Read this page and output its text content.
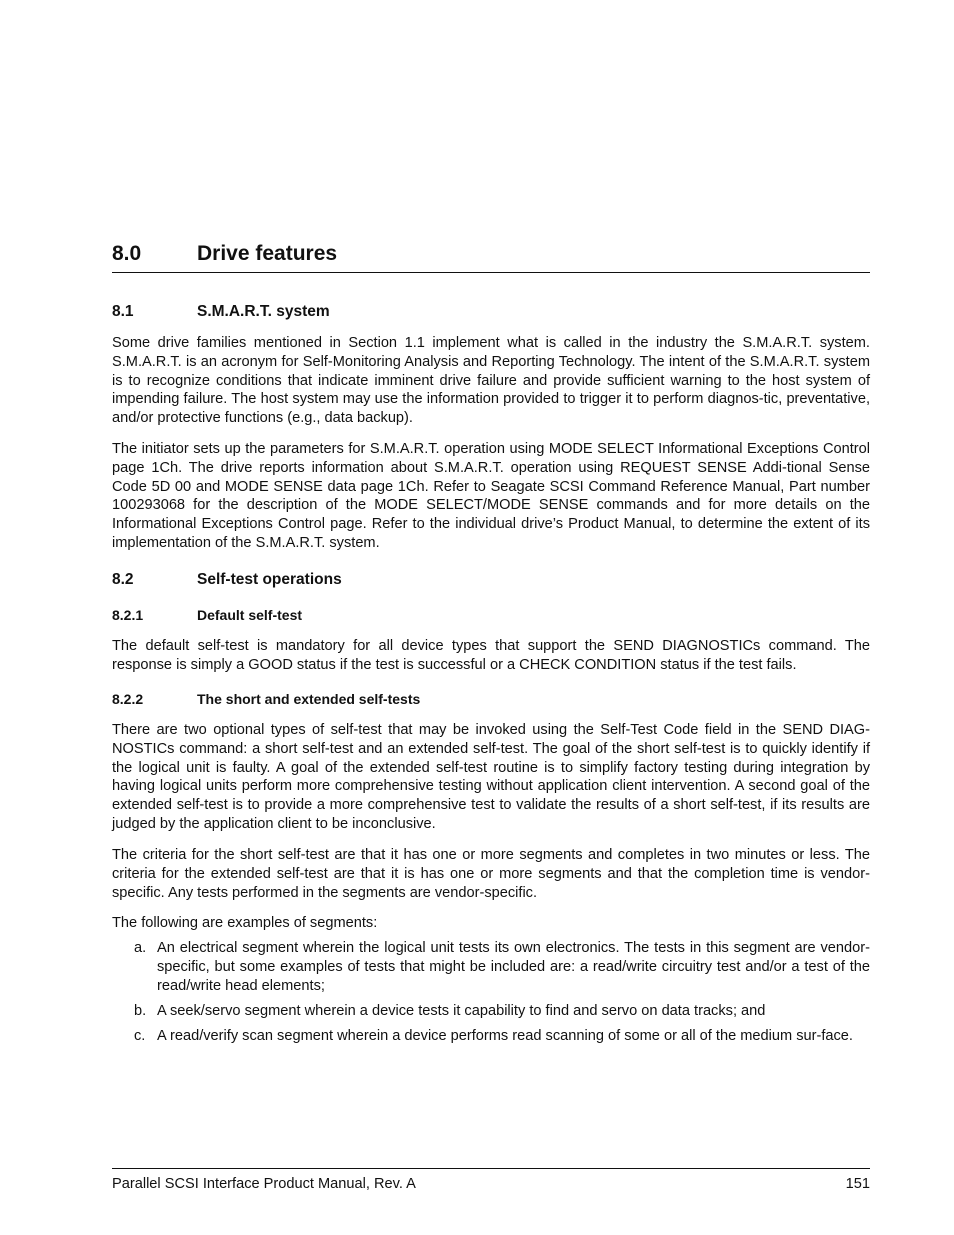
8.0	Drive features
8.1	S.M.A.R.T. system

Some drive families mentioned in Section 1.1 implement what is called in the industry the S.M.A.R.T. system. S.M.A.R.T. is an acronym for Self-Monitoring Analysis and Reporting Technology. The intent of the S.M.A.R.T. system is to recognize conditions that indicate imminent drive failure and provide sufficient warning to the host system of impending failure. The host system may use the information provided to trigger it to perform diagnos-tic, preventative, and/or protective functions (e.g., data backup).

The initiator sets up the parameters for S.M.A.R.T. operation using MODE SELECT Informational Exceptions Control page 1Ch. The drive reports information about S.M.A.R.T. operation using REQUEST SENSE Addi-tional Sense Code 5D 00 and MODE SENSE data page 1Ch. Refer to Seagate SCSI Command Reference Manual, Part number 100293068 for the description of the MODE SELECT/MODE SENSE commands and for more details on the Informational Exceptions Control page. Refer to the individual drive’s Product Manual, to determine the extent of its implementation of the S.M.A.R.T. system.

8.2	Self-test operations
8.2.1	Default self-test

The default self-test is mandatory for all device types that support the SEND DIAGNOSTICs command. The response is simply a GOOD status if the test is successful or a CHECK CONDITION status if the test fails.

8.2.2	The short and extended self-tests

There are two optional types of self-test that may be invoked using the Self-Test Code field in the SEND DIAG-NOSTICs command: a short self-test and an extended self-test. The goal of the short self-test is to quickly identify if the logical unit is faulty. A goal of the extended self-test routine is to simplify factory testing during integration by having logical units perform more comprehensive testing without application client intervention. A second goal of the extended self-test is to provide a more comprehensive test to validate the results of a short self-test, if its results are judged by the application client to be inconclusive.

The criteria for the short self-test are that it has one or more segments and completes in two minutes or less. The criteria for the extended self-test are that it is has one or more segments and that the completion time is vendor-specific. Any tests performed in the segments are vendor-specific.

The following are examples of segments:

a. An electrical segment wherein the logical unit tests its own electronics. The tests in this segment are vendor-specific, but some examples of tests that might be included are: a read/write circuitry test and/or a test of the read/write head elements;
b. A seek/servo segment wherein a device tests it capability to find and servo on data tracks; and
c. A read/verify scan segment wherein a device performs read scanning of some or all of the medium sur-face.
Parallel SCSI Interface Product Manual, Rev. A	151
